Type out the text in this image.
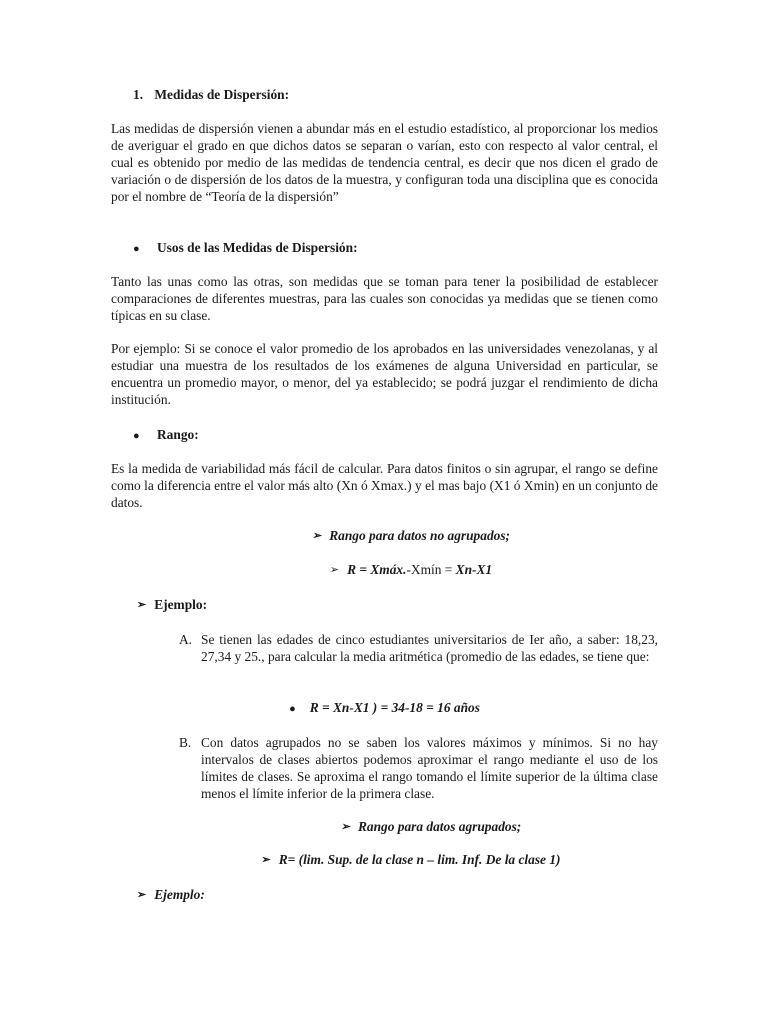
1. Medidas de Dispersión:

Las medidas de dispersión vienen a abundar más en el estudio estadístico, al proporcionar los medios de averiguar el grado en que dichos datos se separan o varían, esto con respecto al valor central, el cual es obtenido por medio de las medidas de tendencia central, es decir que nos dicen el grado de variación o de dispersión de los datos de la muestra, y configuran toda una disciplina que es conocida por el nombre de “Teoría de la dispersión”

● Usos de las Medidas de Dispersión:

Tanto las unas como las otras, son medidas que se toman para tener la posibilidad de establecer comparaciones de diferentes muestras, para las cuales son conocidas ya medidas que se tienen como típicas en su clase.

Por ejemplo: Si se conoce el valor promedio de los aprobados en las universidades venezolanas, y al estudiar una muestra de los resultados de los exámenes de alguna Universidad en particular, se encuentra un promedio mayor, o menor, del ya establecido; se podrá juzgar el rendimiento de dicha institución.

● Rango:

Es la medida de variabilidad más fácil de calcular. Para datos finitos o sin agrupar, el rango se define como la diferencia entre el valor más alto (Xn ó Xmax.) y el mas bajo (X1 ó Xmin) en un conjunto de datos.

➢ Rango para datos no agrupados;
➢ R = Xmáx.-Xmín = Xn-X1
➢ Ejemplo:
A. Se tienen las edades de cinco estudiantes universitarios de Ier año, a saber: 18,23, 27,34 y 25., para calcular la media aritmética (promedio de las edades, se tiene que:

● R = Xn-X1 ) = 34-18 = 16 años
B. Con datos agrupados no se saben los valores máximos y mínimos. Si no hay intervalos de clases abiertos podemos aproximar el rango mediante el uso de los límites de clases. Se aproxima el rango tomando el límite superior de la última clase menos el límite inferior de la primera clase.

➢ Rango para datos agrupados;
➢ R= (lim. Sup. de la clase n – lim. Inf. De la clase 1)
➢ Ejemplo:
